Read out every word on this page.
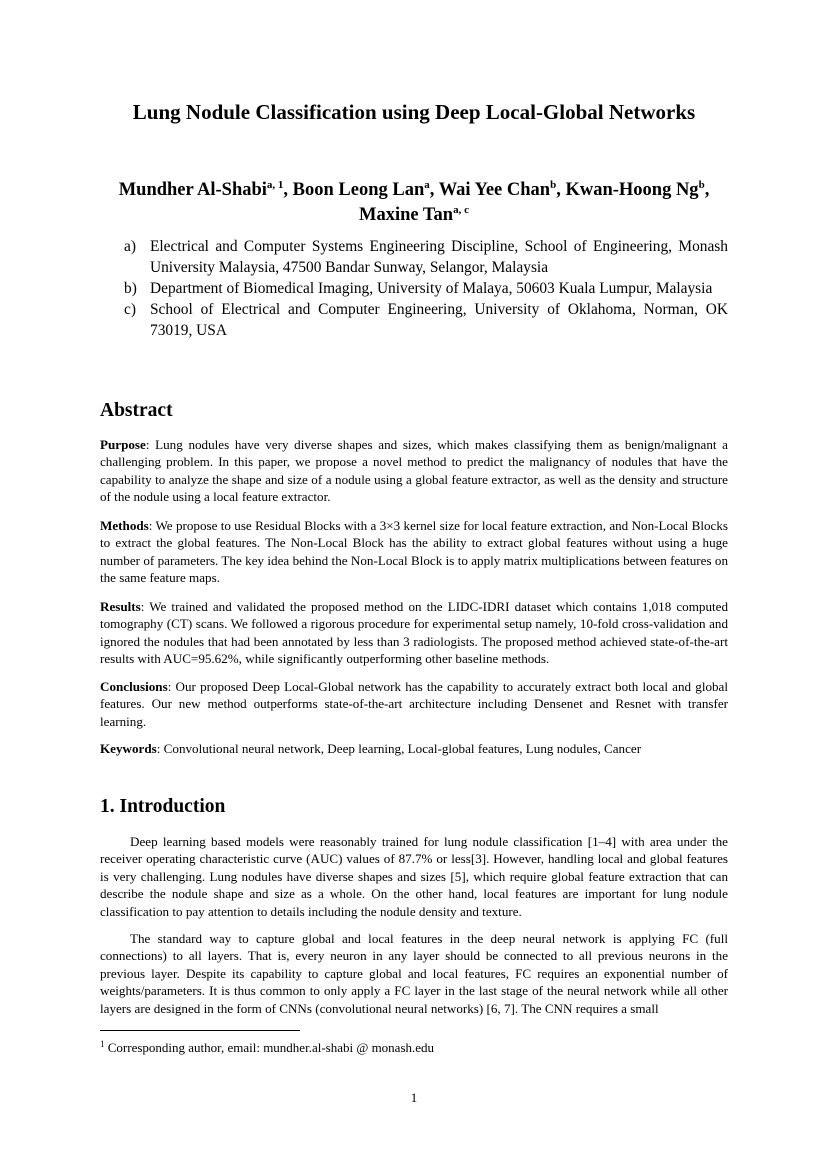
Lung Nodule Classification using Deep Local-Global Networks
Mundher Al-Shabi$^{a, 1}$, Boon Leong Lan$^a$, Wai Yee Chan$^b$, Kwan-Hoong Ng$^b$, Maxine Tan$^{a, c}$
a) Electrical and Computer Systems Engineering Discipline, School of Engineering, Monash University Malaysia, 47500 Bandar Sunway, Selangor, Malaysia
b) Department of Biomedical Imaging, University of Malaya, 50603 Kuala Lumpur, Malaysia
c) School of Electrical and Computer Engineering, University of Oklahoma, Norman, OK 73019, USA
Abstract
Purpose: Lung nodules have very diverse shapes and sizes, which makes classifying them as benign/malignant a challenging problem. In this paper, we propose a novel method to predict the malignancy of nodules that have the capability to analyze the shape and size of a nodule using a global feature extractor, as well as the density and structure of the nodule using a local feature extractor.
Methods: We propose to use Residual Blocks with a 3×3 kernel size for local feature extraction, and Non-Local Blocks to extract the global features. The Non-Local Block has the ability to extract global features without using a huge number of parameters. The key idea behind the Non-Local Block is to apply matrix multiplications between features on the same feature maps.
Results: We trained and validated the proposed method on the LIDC-IDRI dataset which contains 1,018 computed tomography (CT) scans. We followed a rigorous procedure for experimental setup namely, 10-fold cross-validation and ignored the nodules that had been annotated by less than 3 radiologists. The proposed method achieved state-of-the-art results with AUC=95.62%, while significantly outperforming other baseline methods.
Conclusions: Our proposed Deep Local-Global network has the capability to accurately extract both local and global features. Our new method outperforms state-of-the-art architecture including Densenet and Resnet with transfer learning.
Keywords: Convolutional neural network, Deep learning, Local-global features, Lung nodules, Cancer
1. Introduction
Deep learning based models were reasonably trained for lung nodule classification [1–4] with area under the receiver operating characteristic curve (AUC) values of 87.7% or less[3]. However, handling local and global features is very challenging. Lung nodules have diverse shapes and sizes [5], which require global feature extraction that can describe the nodule shape and size as a whole. On the other hand, local features are important for lung nodule classification to pay attention to details including the nodule density and texture.
The standard way to capture global and local features in the deep neural network is applying FC (full connections) to all layers. That is, every neuron in any layer should be connected to all previous neurons in the previous layer. Despite its capability to capture global and local features, FC requires an exponential number of weights/parameters. It is thus common to only apply a FC layer in the last stage of the neural network while all other layers are designed in the form of CNNs (convolutional neural networks) [6, 7]. The CNN requires a small
$^1$ Corresponding author, email: mundher.al-shabi @ monash.edu
1
